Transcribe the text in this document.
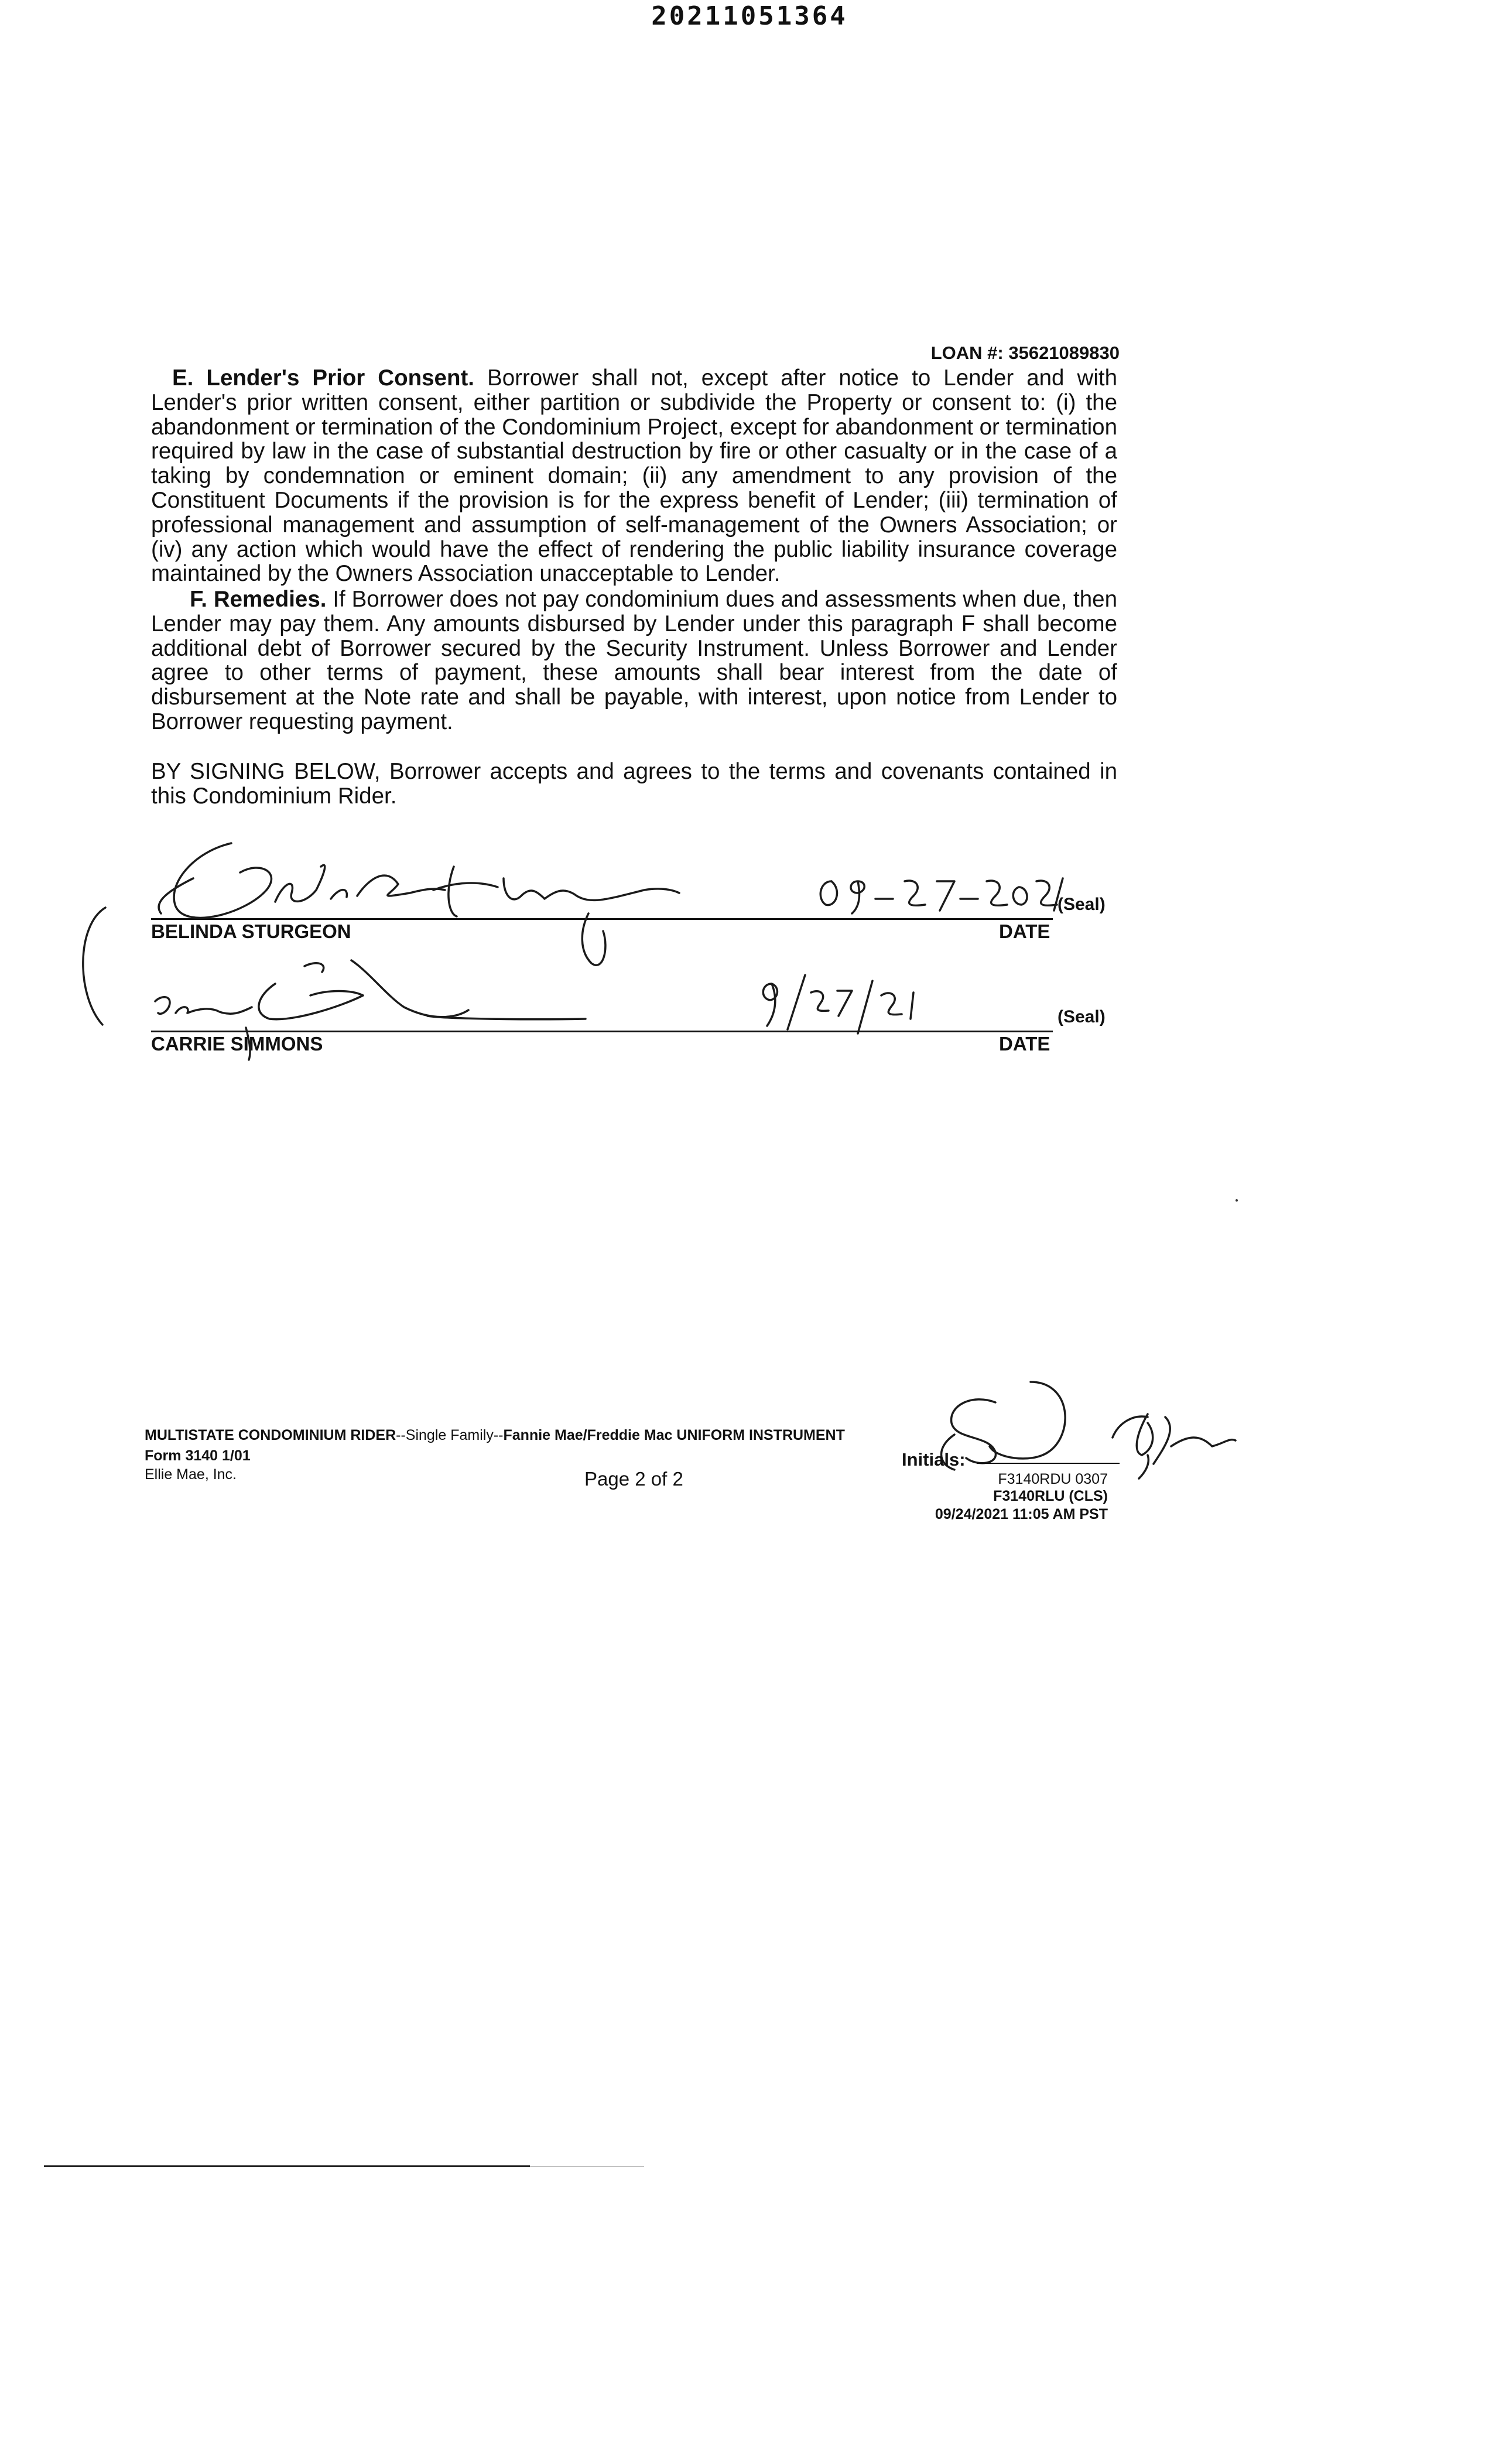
20211051364
LOAN #: 35621089830

E. Lender's Prior Consent. Borrower shall not, except after notice to Lender and with Lender's prior written consent, either partition or subdivide the Property or consent to: (i) the abandonment or termination of the Condominium Project, except for abandonment or termination required by law in the case of substantial destruction by fire or other casualty or in the case of a taking by condemnation or eminent domain; (ii) any amendment to any provision of the Constituent Documents if the provision is for the express benefit of Lender; (iii) termination of professional management and assumption of self-management of the Owners Association; or (iv) any action which would have the effect of rendering the public liability insurance coverage maintained by the Owners Association unacceptable to Lender.

F. Remedies. If Borrower does not pay condominium dues and assessments when due, then Lender may pay them. Any amounts disbursed by Lender under this paragraph F shall become additional debt of Borrower secured by the Security Instrument. Unless Borrower and Lender agree to other terms of payment, these amounts shall bear interest from the date of disbursement at the Note rate and shall be payable, with interest, upon notice from Lender to Borrower requesting payment.

BY SIGNING BELOW, Borrower accepts and agrees to the terms and covenants contained in this Condominium Rider.

BELINDA STURGEON
(Seal)
DATE
CARRIE SIMMONS
(Seal)
DATE
MULTISTATE CONDOMINIUM RIDER--Single Family--Fannie Mae/Freddie Mac UNIFORM INSTRUMENT
Form 3140 1/01
Ellie Mae, Inc.	Page 2 of 2
Initials:
F3140RDU 0307
F3140RLU (CLS)
09/24/2021 11:05 AM PST
